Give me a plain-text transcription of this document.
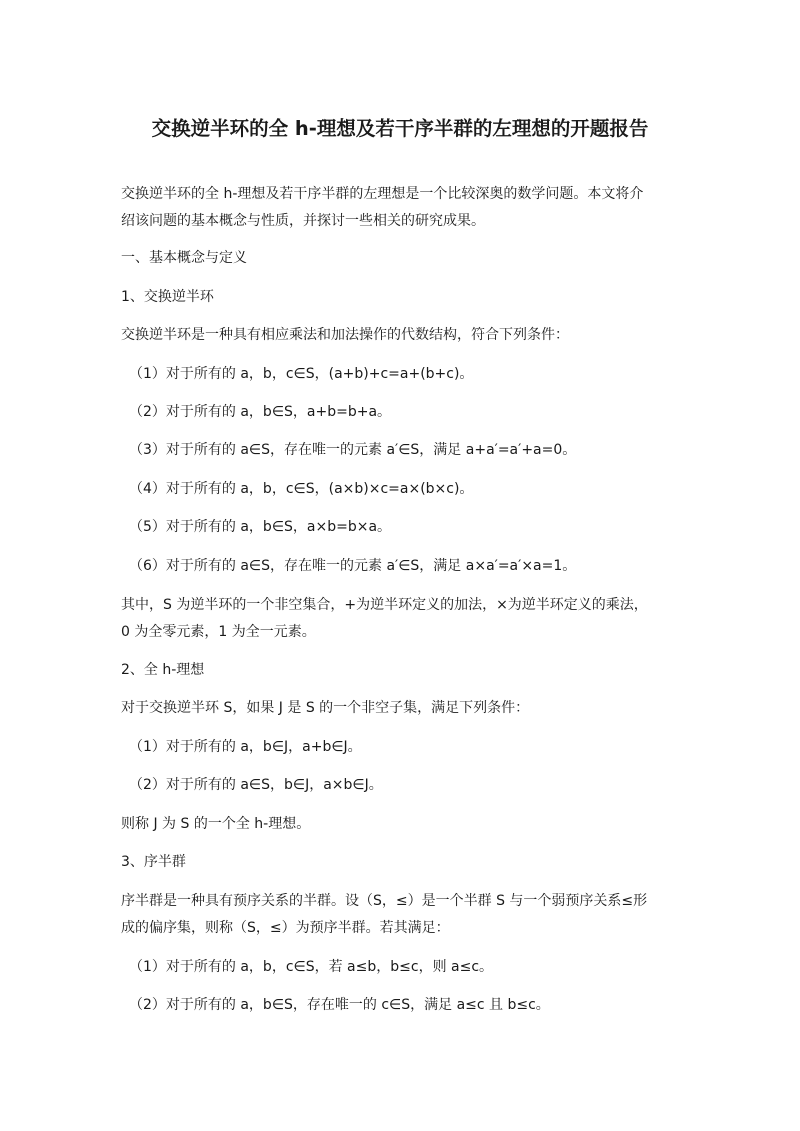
交换逆半环的全 h-理想及若干序半群的左理想的开题报告
交换逆半环的全 h-理想及若干序半群的左理想是一个比较深奥的数学问题。本文将介
绍该问题的基本概念与性质，并探讨一些相关的研究成果。
一、基本概念与定义
1、交换逆半环
交换逆半环是一种具有相应乘法和加法操作的代数结构，符合下列条件：
（1）对于所有的 a，b，c∈S，(a+b)+c=a+(b+c)。
（2）对于所有的 a，b∈S，a+b=b+a。
（3）对于所有的 a∈S，存在唯一的元素 a′∈S，满足 a+a′=a′+a=0。
（4）对于所有的 a，b，c∈S，(a×b)×c=a×(b×c)。
（5）对于所有的 a，b∈S，a×b=b×a。
（6）对于所有的 a∈S，存在唯一的元素 a′∈S，满足 a×a′=a′×a=1。
其中，S 为逆半环的一个非空集合，+为逆半环定义的加法，×为逆半环定义的乘法，
0 为全零元素，1 为全一元素。
2、全 h-理想
对于交换逆半环 S，如果 J 是 S 的一个非空子集，满足下列条件：
（1）对于所有的 a，b∈J，a+b∈J。
（2）对于所有的 a∈S，b∈J，a×b∈J。
则称 J 为 S 的一个全 h-理想。
3、序半群
序半群是一种具有预序关系的半群。设（S，≤）是一个半群 S 与一个弱预序关系≤形
成的偏序集，则称（S，≤）为预序半群。若其满足：
（1）对于所有的 a，b，c∈S，若 a≤b，b≤c，则 a≤c。
（2）对于所有的 a，b∈S，存在唯一的 c∈S，满足 a≤c 且 b≤c。
